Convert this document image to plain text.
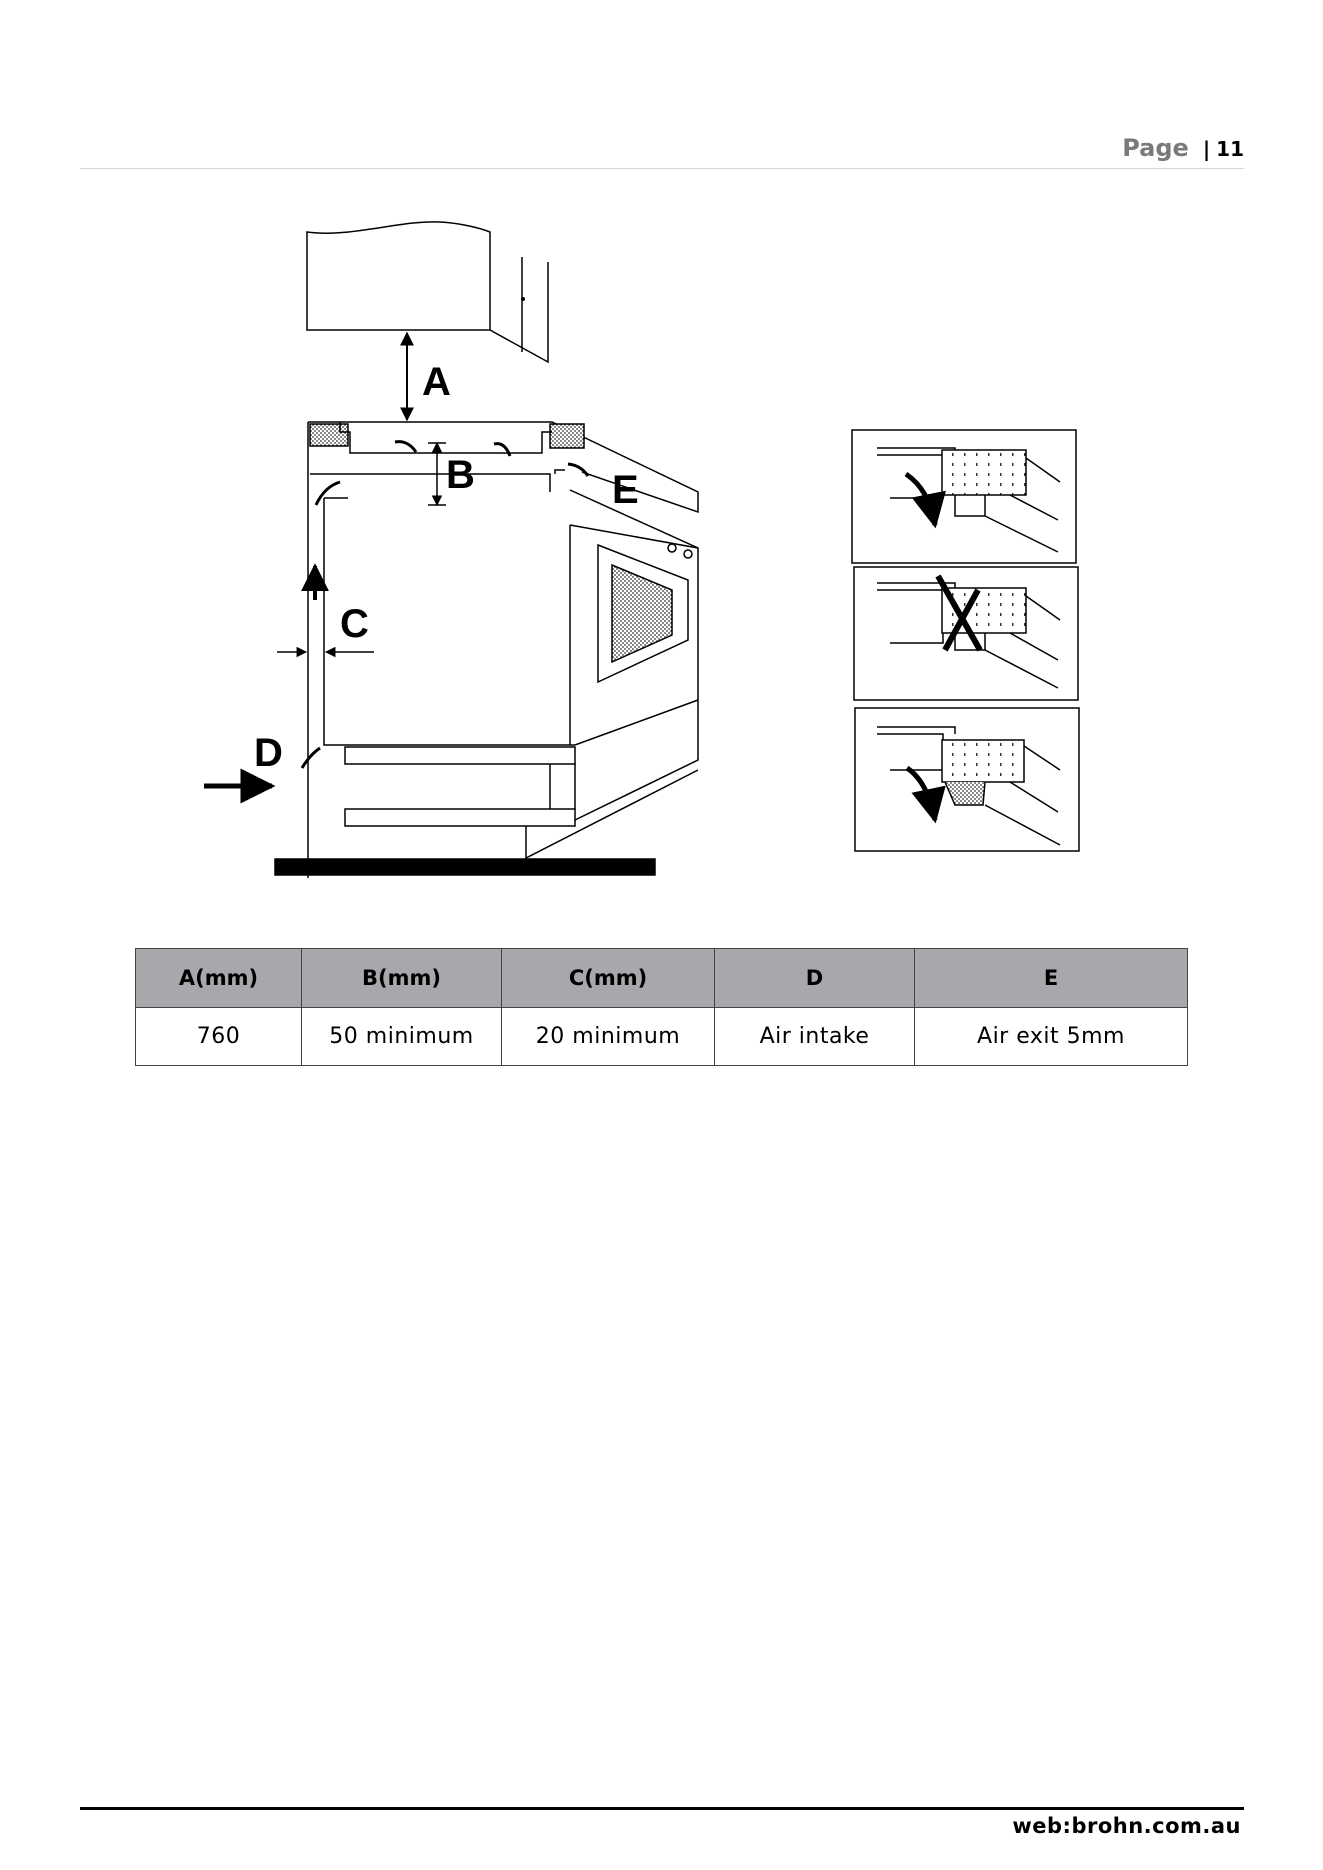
Page | 11
A
B
C
D
E
A(mm)	B(mm)	C(mm)	D	E
760	50 minimum	20 minimum	Air intake	Air exit 5mm
web:brohn.com.au
